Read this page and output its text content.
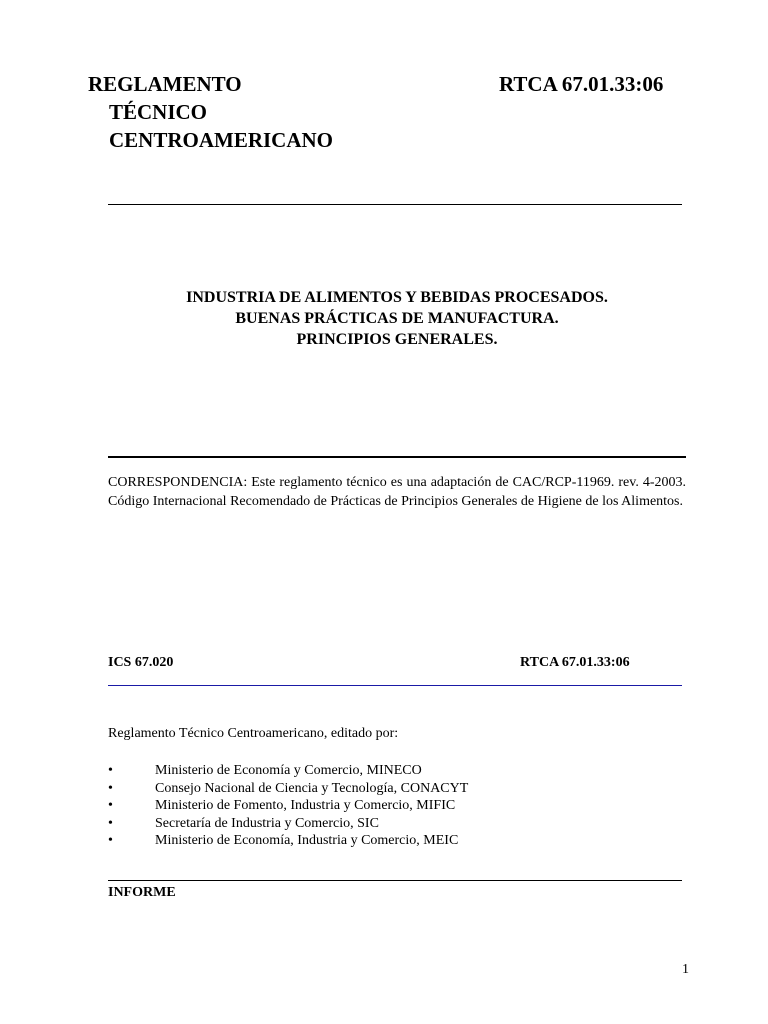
REGLAMENTO
TÉCNICO
CENTROAMERICANO
RTCA 67.01.33:06
INDUSTRIA DE ALIMENTOS Y BEBIDAS PROCESADOS.
BUENAS PRÁCTICAS DE MANUFACTURA.
PRINCIPIOS GENERALES.
CORRESPONDENCIA: Este reglamento técnico es una adaptación de CAC/RCP-11969. rev. 4-2003. Código Internacional Recomendado de Prácticas de Principios Generales de Higiene de los Alimentos.
ICS 67.020	RTCA 67.01.33:06
Reglamento Técnico Centroamericano, editado por:
•	Ministerio de Economía y Comercio, MINECO
•	Consejo Nacional de Ciencia y Tecnología, CONACYT
•	Ministerio de Fomento, Industria y Comercio, MIFIC
•	Secretaría de Industria y Comercio, SIC
•	Ministerio de Economía, Industria y Comercio, MEIC
INFORME
1
